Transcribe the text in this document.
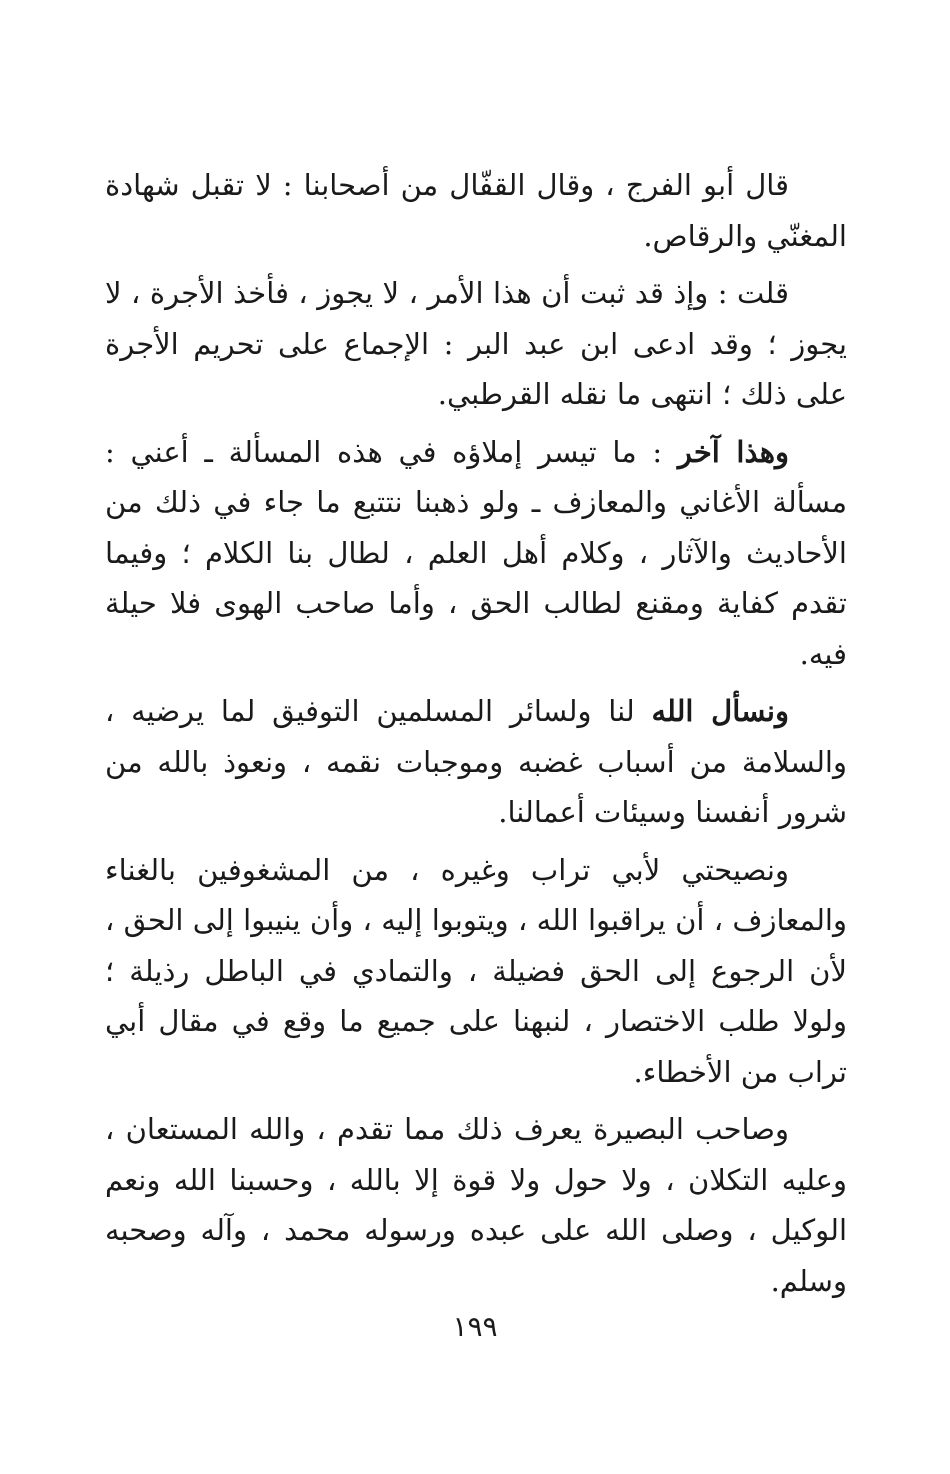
قال أبو الفرج ، وقال القفّال من أصحابنا : لا تقبل شهادة المغنّي والرقاص.

قلت : وإذ قد ثبت أن هذا الأمر ، لا يجوز ، فأخذ الأجرة ، لا يجوز ؛ وقد ادعى ابن عبد البر : الإجماع على تحريم الأجرة على ذلك ؛ انتهى ما نقله القرطبي.

وهذا آخر : ما تيسر إملاؤه في هذه المسألة ـ أعني : مسألة الأغاني والمعازف ـ ولو ذهبنا نتتبع ما جاء في ذلك من الأحاديث والآثار ، وكلام أهل العلم ، لطال بنا الكلام ؛ وفيما تقدم كفاية ومقنع لطالب الحق ، وأما صاحب الهوى فلا حيلة فيه.

ونسأل الله لنا ولسائر المسلمين التوفيق لما يرضيه ، والسلامة من أسباب غضبه وموجبات نقمه ، ونعوذ بالله من شرور أنفسنا وسيئات أعمالنا.

ونصيحتي لأبي تراب وغيره ، من المشغوفين بالغناء والمعازف ، أن يراقبوا الله ، ويتوبوا إليه ، وأن ينيبوا إلى الحق ، لأن الرجوع إلى الحق فضيلة ، والتمادي في الباطل رذيلة ؛ ولولا طلب الاختصار ، لنبهنا على جميع ما وقع في مقال أبي تراب من الأخطاء.

وصاحب البصيرة يعرف ذلك مما تقدم ، والله المستعان ، وعليه التكلان ، ولا حول ولا قوة إلا بالله ، وحسبنا الله ونعم الوكيل ، وصلى الله على عبده ورسوله محمد ، وآله وصحبه وسلم.

١٩٩
